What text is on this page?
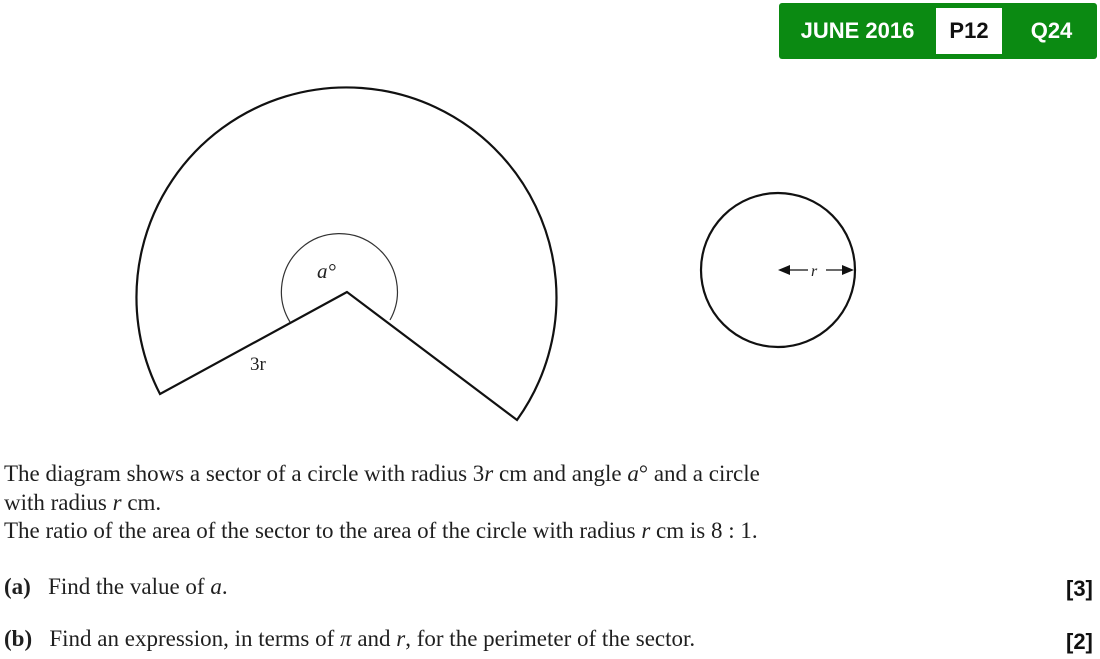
JUNE 2016	P12	Q24
a°
3r
r
The diagram shows a sector of a circle with radius 3r cm and angle a° and a circle
with radius r cm.
The ratio of the area of the sector to the area of the circle with radius r cm is 8 : 1.
(a) Find the value of a.	[3]
(b) Find an expression, in terms of π and r, for the perimeter of the sector.	[2]
